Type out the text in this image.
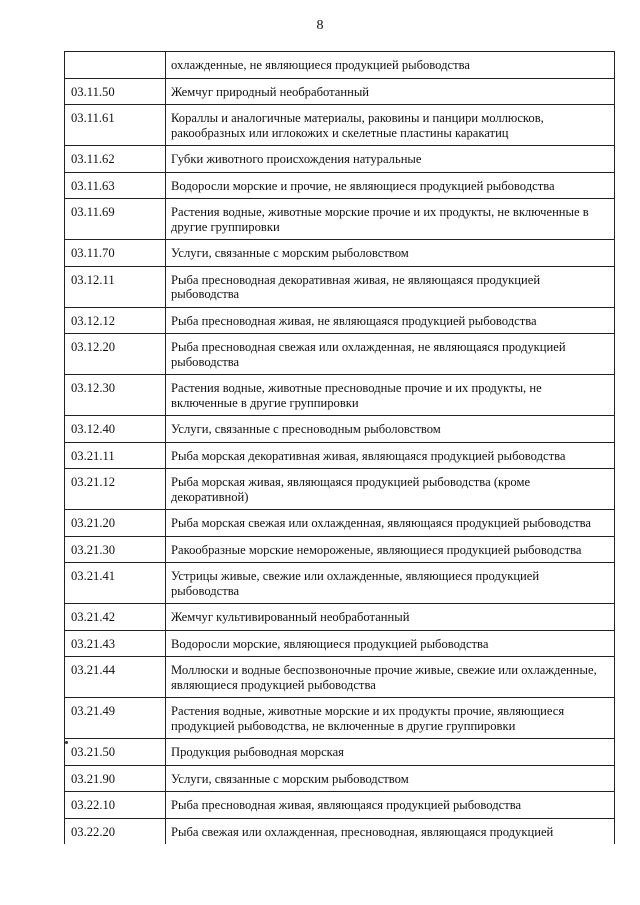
8
	охлажденные, не являющиеся продукцией рыбоводства
03.11.50	Жемчуг природный необработанный
03.11.61	Кораллы и аналогичные материалы, раковины и панцири моллюсков, ракообразных или иглокожих и скелетные пластины каракатиц
03.11.62	Губки животного происхождения натуральные
03.11.63	Водоросли морские и прочие, не являющиеся продукцией рыбоводства
03.11.69	Растения водные, животные морские прочие и их продукты, не включенные в другие группировки
03.11.70	Услуги, связанные с морским рыболовством
03.12.11	Рыба пресноводная декоративная живая, не являющаяся продукцией рыбоводства
03.12.12	Рыба пресноводная живая, не являющаяся продукцией рыбоводства
03.12.20	Рыба пресноводная свежая или охлажденная, не являющаяся продукцией рыбоводства
03.12.30	Растения водные, животные пресноводные прочие и их продукты, не включенные в другие группировки
03.12.40	Услуги, связанные с пресноводным рыболовством
03.21.11	Рыба морская декоративная живая, являющаяся продукцией рыбоводства
03.21.12	Рыба морская живая, являющаяся продукцией рыбоводства (кроме декоративной)
03.21.20	Рыба морская свежая или охлажденная, являющаяся продукцией рыбоводства
03.21.30	Ракообразные морские немороженые, являющиеся продукцией рыбоводства
03.21.41	Устрицы живые, свежие или охлажденные, являющиеся продукцией рыбоводства
03.21.42	Жемчуг культивированный необработанный
03.21.43	Водоросли морские, являющиеся продукцией рыбоводства
03.21.44	Моллюски и водные беспозвоночные прочие живые, свежие или охлажденные, являющиеся продукцией рыбоводства
03.21.49	Растения водные, животные морские и их продукты прочие, являющиеся продукцией рыбоводства, не включенные в другие группировки
03.21.50	Продукция рыбоводная морская
03.21.90	Услуги, связанные с морским рыбоводством
03.22.10	Рыба пресноводная живая, являющаяся продукцией рыбоводства
03.22.20	Рыба свежая или охлажденная, пресноводная, являющаяся продукцией
